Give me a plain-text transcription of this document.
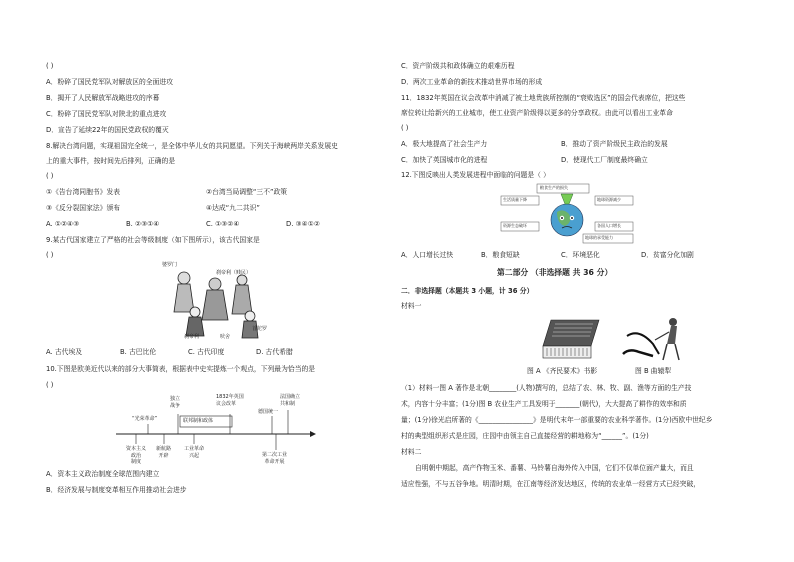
( )

A．粉碎了国民党军队对解放区的全面进攻

B．揭开了人民解放军战略进攻的序幕

C．粉碎了国民党军队对陕北的重点进攻

D．宣告了延续22年的国民党政权的覆灭

8.解决台湾问题，实现祖国完全统一，是全体中华儿女的共同愿望。下列关于海峡两岸关系发展史

上的重大事件，按时间先后排列，正确的是

( )

①《告台湾同胞书》发表	②台湾当局调整“三不”政策

③《反分裂国家法》颁布	④达成“九二共识”

A. ①②④③	B. ②③①④	C. ①③②④	D. ③④①②

9.某古代国家建立了严格的社会等级制度（如下图所示），该古代国家是

( )

婆罗门
刹帝利（贱民）
吠舍
首陀罗
刹帝利

A. 古代埃及	B. 古巴比伦	C. 古代印度	D. 古代希腊

10.下图是欧美近代以来的部分大事简表，根据表中史实提炼一个观点，下列最为恰当的是

( )

“光荣革命”
独立
战争
1832年英国
议会改革
法国确立
共和制
联邦制和政体
德国统一
资本主义
政治
制度
新航路
开辟
工业革命
兴起	第二次工业
革命开展

A．资本主义政治制度全球范围内建立

B．经济发展与制度变革相互作用推动社会进步

C．资产阶级共和政体确立的艰难历程

D．两次工业革命的新技术推动世界市场的形成

11．1832年英国在议会改革中消减了被土地贵族所控制的“衰败选区”的国会代表席位，把这些

席位转让给新兴的工业城市，使工业资产阶级得以更多的分享政权。由此可以看出工业革命

( )

A．极大地提高了社会生产力	B．推动了资产阶级民主政治的发展

C．加快了英国城市化的进程	D．使现代工厂制度最终确立

12.下图反映出人类发展进程中面临的问题是（ ）

粮食生产的损失
生活质量下降	地球资源减少
资源生态破坏	各国人口增长
地球的承受能力

A．人口增长过快	B．粮食短缺	C．环境恶化	D．贫富分化加剧

第二部分 （非选择题 共 36 分）

二．非选择题（本题共 3 小题，计 36 分）

材料一

图 A 《齐民要术》书影	图 B 曲辕犁

（1）材料一图 A 著作是北朝________(人物)撰写的，总结了农、林、牧、副、渔等方面的生产技

术，内容十分丰富；(1分)图 B 农业生产工具发明于_______(朝代)，大大提高了耕作的效率和质

量；(1分)徐光启所著的《________________》是明代末年一部重要的农业科学著作。(1分)西欧中世纪乡

村的典型组织形式是庄园，庄园中由领主自己直接经营的耕地称为“______”。(1分)

材料二

自明朝中期起，高产作物玉米、番薯、马铃薯自海外传入中国，它们不仅单位面产量大，而且

适应性强，不与五谷争地。明清时期，在江南等经济发达地区，传统的农业单一经营方式已经突破，
